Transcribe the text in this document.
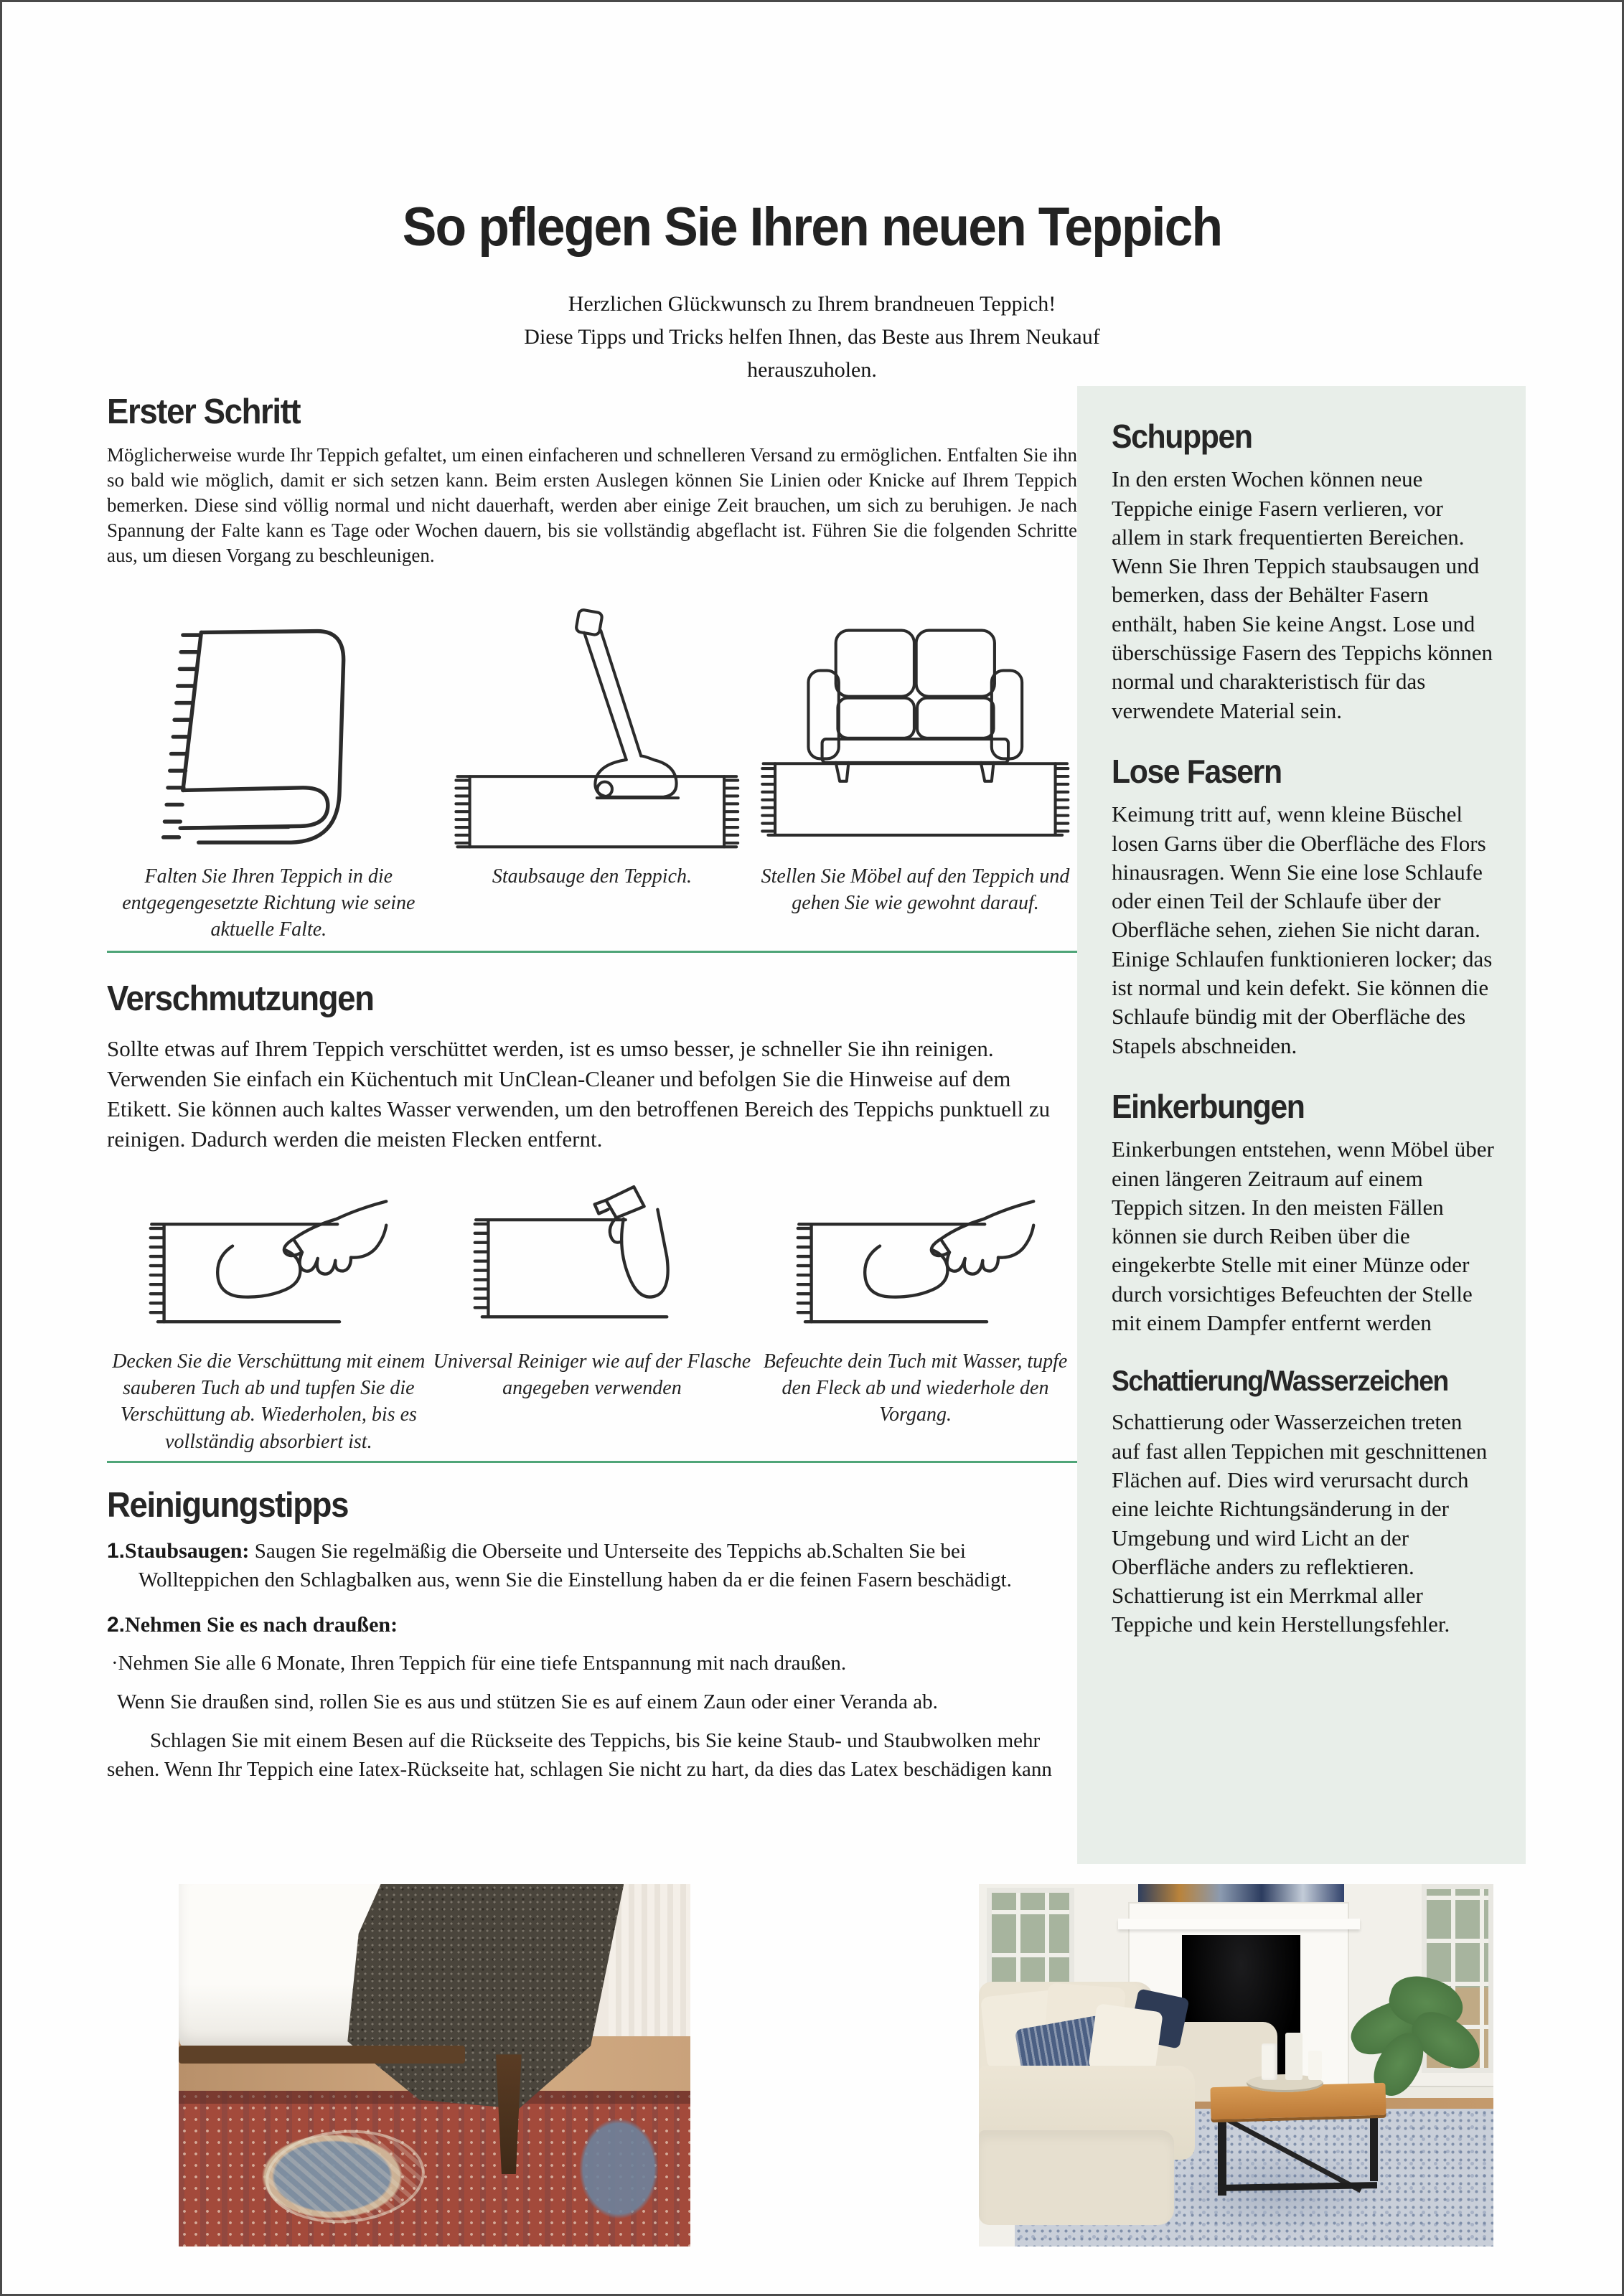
So pflegen Sie Ihren neuen Teppich
Herzlichen Glückwunsch zu Ihrem brandneuen Teppich!
Diese Tipps und Tricks helfen Ihnen, das Beste aus Ihrem Neukauf
herauszuholen.
Erster Schritt
Möglicherweise wurde Ihr Teppich gefaltet, um einen einfacheren und schnelleren Versand zu ermöglichen. Entfalten Sie ihn so bald wie möglich, damit er sich setzen kann. Beim ersten Auslegen können Sie Linien oder Knicke auf Ihrem Teppich bemerken. Diese sind völlig normal und nicht dauerhaft, werden aber einige Zeit brauchen, um sich zu beruhigen. Je nach Spannung der Falte kann es Tage oder Wochen dauern, bis sie vollständig abgeflacht ist. Führen Sie die folgenden Schritte aus, um diesen Vorgang zu beschleunigen.
Falten Sie Ihren Teppich in die entgegengesetzte Richtung wie seine aktuelle Falte.
Staubsauge den Teppich.	Stellen Sie Möbel auf den Teppich und gehen Sie wie gewohnt darauf.
Verschmutzungen
Sollte etwas auf Ihrem Teppich verschüttet werden, ist es umso besser, je schneller Sie ihn reinigen. Verwenden Sie einfach ein Küchentuch mit UnClean-Cleaner und befolgen Sie die Hinweise auf dem Etikett. Sie können auch kaltes Wasser verwenden, um den betroffenen Bereich des Teppichs punktuell zu reinigen. Dadurch werden die meisten Flecken entfernt.
Decken Sie die Verschüttung mit einem sauberen Tuch ab und tupfen Sie die Verschüttung ab. Wiederholen, bis es vollständig absorbiert ist.
Universal Reiniger wie auf der Flasche angegeben verwenden
Befeuchte dein Tuch mit Wasser, tupfe den Fleck ab und wiederhole den Vorgang.
Reinigungstipps
1.Staubsaugen: Saugen Sie regelmäßig die Oberseite und Unterseite des Teppichs ab.Schalten Sie bei Wollteppichen den Schlagbalken aus, wenn Sie die Einstellung haben da er die feinen Fasern beschädigt.
2.Nehmen Sie es nach draußen:
·Nehmen Sie alle 6 Monate, Ihren Teppich für eine tiefe Entspannung mit nach draußen.
Wenn Sie draußen sind, rollen Sie es aus und stützen Sie es auf einem Zaun oder einer Veranda ab.
Schlagen Sie mit einem Besen auf die Rückseite des Teppichs, bis Sie keine Staub- und Staubwolken mehr sehen. Wenn Ihr Teppich eine Iatex-Rückseite hat, schlagen Sie nicht zu hart, da dies das Latex beschädigen kann
Schuppen
In den ersten Wochen können neue Teppiche einige Fasern verlieren, vor allem in stark frequentierten Bereichen. Wenn Sie Ihren Teppich staubsaugen und bemerken, dass der Behälter Fasern enthält, haben Sie keine Angst. Lose und überschüssige Fasern des Teppichs können normal und charakteristisch für das verwendete Material sein.
Lose Fasern
Keimung tritt auf, wenn kleine Büschel losen Garns über die Oberfläche des Flors hinausragen. Wenn Sie eine lose Schlaufe oder einen Teil der Schlaufe über der Oberfläche sehen, ziehen Sie nicht daran. Einige Schlaufen funktionieren locker; das ist normal und kein defekt. Sie können die Schlaufe bündig mit der Oberfläche des Stapels abschneiden.
Einkerbungen
Einkerbungen entstehen, wenn Möbel über einen längeren Zeitraum auf einem Teppich sitzen. In den meisten Fällen können sie durch Reiben über die eingekerbte Stelle mit einer Münze oder durch vorsichtiges Befeuchten der Stelle mit einem Dampfer entfernt werden
Schattierung/Wasserzeichen
Schattierung oder Wasserzeichen treten auf fast allen Teppichen mit geschnittenen Flächen auf. Dies wird verursacht durch eine leichte Richtungsänderung in der Umgebung und wird Licht an der Oberfläche anders zu reflektieren. Schattierung ist ein Merrkmal aller Teppiche und kein Herstellungsfehler.
